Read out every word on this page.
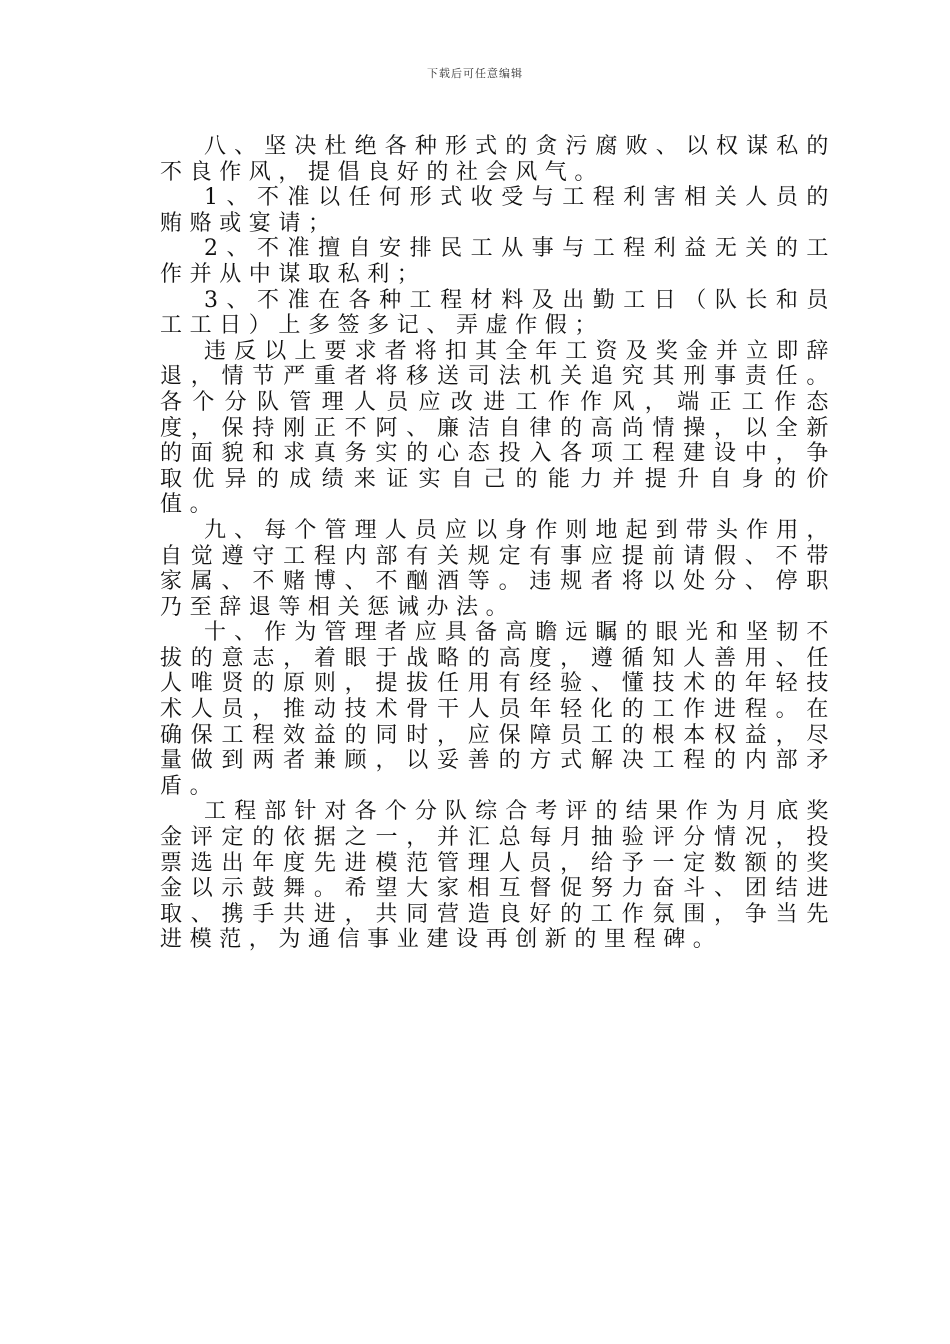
下载后可任意编辑

八、坚决杜绝各种形式的贪污腐败、以权谋私的不良作风，提倡良好的社会风气。

1、不准以任何形式收受与工程利害相关人员的贿赂或宴请；

2、不准擅自安排民工从事与工程利益无关的工作并从中谋取私利；

3、不准在各种工程材料及出勤工日（队长和员工工日）上多签多记、弄虚作假；

违反以上要求者将扣其全年工资及奖金并立即辞退，情节严重者将移送司法机关追究其刑事责任。各个分队管理人员应改进工作作风，端正工作态度，保持刚正不阿、廉洁自律的高尚情操，以全新的面貌和求真务实的心态投入各项工程建设中，争取优异的成绩来证实自己的能力并提升自身的价值。

九、每个管理人员应以身作则地起到带头作用，自觉遵守工程内部有关规定有事应提前请假、不带家属、不赌博、不酗酒等。违规者将以处分、停职乃至辞退等相关惩诫办法。

十、作为管理者应具备高瞻远瞩的眼光和坚韧不拔的意志，着眼于战略的高度，遵循知人善用、任人唯贤的原则，提拔任用有经验、懂技术的年轻技术人员，推动技术骨干人员年轻化的工作进程。在确保工程效益的同时，应保障员工的根本权益，尽量做到两者兼顾，以妥善的方式解决工程的内部矛盾。

工程部针对各个分队综合考评的结果作为月底奖金评定的依据之一，并汇总每月抽验评分情况，投票选出年度先进模范管理人员，给予一定数额的奖金以示鼓舞。希望大家相互督促努力奋斗、团结进取、携手共进，共同营造良好的工作氛围，争当先进模范，为通信事业建设再创新的里程碑。
